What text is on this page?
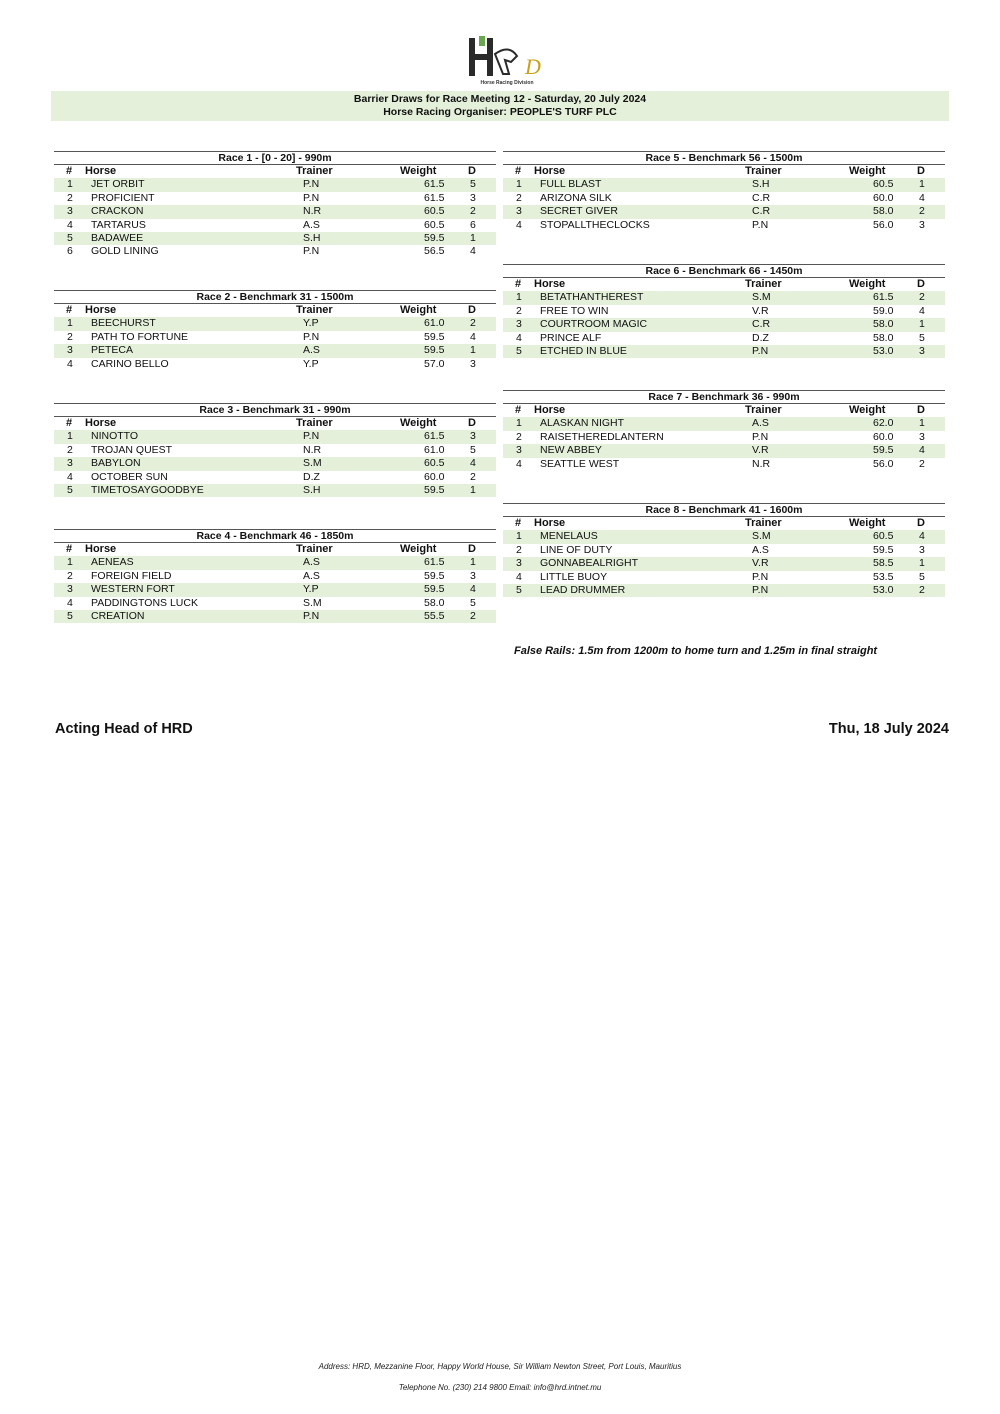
D
Horse Racing Division
Barrier Draws for Race Meeting 12 - Saturday, 20 July 2024
Horse Racing Organiser: PEOPLE'S TURF PLC
Race 1 - [0 - 20] - 990m
# Horse	Trainer	Weight	D
1 JET ORBIT	P.N	61.5 5
2 PROFICIENT	P.N	61.5 3
3 CRACKON	N.R	60.5 2
4 TARTARUS	A.S	60.5 6
5 BADAWEE	S.H	59.5 1
6 GOLD LINING	P.N	56.5 4
Race 2 - Benchmark 31 - 1500m
# Horse	Trainer	Weight	D
1 BEECHURST	Y.P	61.0 2
2 PATH TO FORTUNE	P.N	59.5 4
3 PETECA	A.S	59.5 1
4 CARINO BELLO	Y.P	57.0 3
Race 3 - Benchmark 31 - 990m
# Horse	Trainer	Weight	D
1 NINOTTO	P.N	61.5 3
2 TROJAN QUEST	N.R	61.0 5
3 BABYLON	S.M	60.5 4
4 OCTOBER SUN	D.Z	60.0 2
5 TIMETOSAYGOODBYE	S.H	59.5 1
Race 4 - Benchmark 46 - 1850m
# Horse	Trainer	Weight	D
1 AENEAS	A.S	61.5 1
2 FOREIGN FIELD	A.S	59.5 3
3 WESTERN FORT	Y.P	59.5 4
4 PADDINGTONS LUCK	S.M	58.0 5
5 CREATION	P.N	55.5 2
Race 5 - Benchmark 56 - 1500m
# Horse	Trainer	Weight	D
1 FULL BLAST	S.H	60.5 1
2 ARIZONA SILK	C.R	60.0 4
3 SECRET GIVER	C.R	58.0 2
4 STOPALLTHECLOCKS	P.N	56.0 3
Race 6 - Benchmark 66 - 1450m
# Horse	Trainer	Weight	D
1 BETATHANTHEREST	S.M	61.5 2
2 FREE TO WIN	V.R	59.0 4
3 COURTROOM MAGIC	C.R	58.0 1
4 PRINCE ALF	D.Z	58.0 5
5 ETCHED IN BLUE	P.N	53.0 3
Race 7 - Benchmark 36 - 990m
# Horse	Trainer	Weight	D
1 ALASKAN NIGHT	A.S	62.0 1
2 RAISETHEREDLANTERN	P.N	60.0 3
3 NEW ABBEY	V.R	59.5 4
4 SEATTLE WEST	N.R	56.0 2
Race 8 - Benchmark 41 - 1600m
# Horse	Trainer	Weight	D
1 MENELAUS	S.M	60.5 4
2 LINE OF DUTY	A.S	59.5 3
3 GONNABEALRIGHT	V.R	58.5 1
4 LITTLE BUOY	P.N	53.5 5
5 LEAD DRUMMER	P.N	53.0 2
False Rails: 1.5m from 1200m to home turn and 1.25m in final straight
Acting Head of HRD	Thu, 18 July 2024
Address: HRD, Mezzanine Floor, Happy World House, Sir William Newton Street, Port Louis, Mauritius
Telephone No. (230) 214 9800 Email: info@hrd.intnet.mu
